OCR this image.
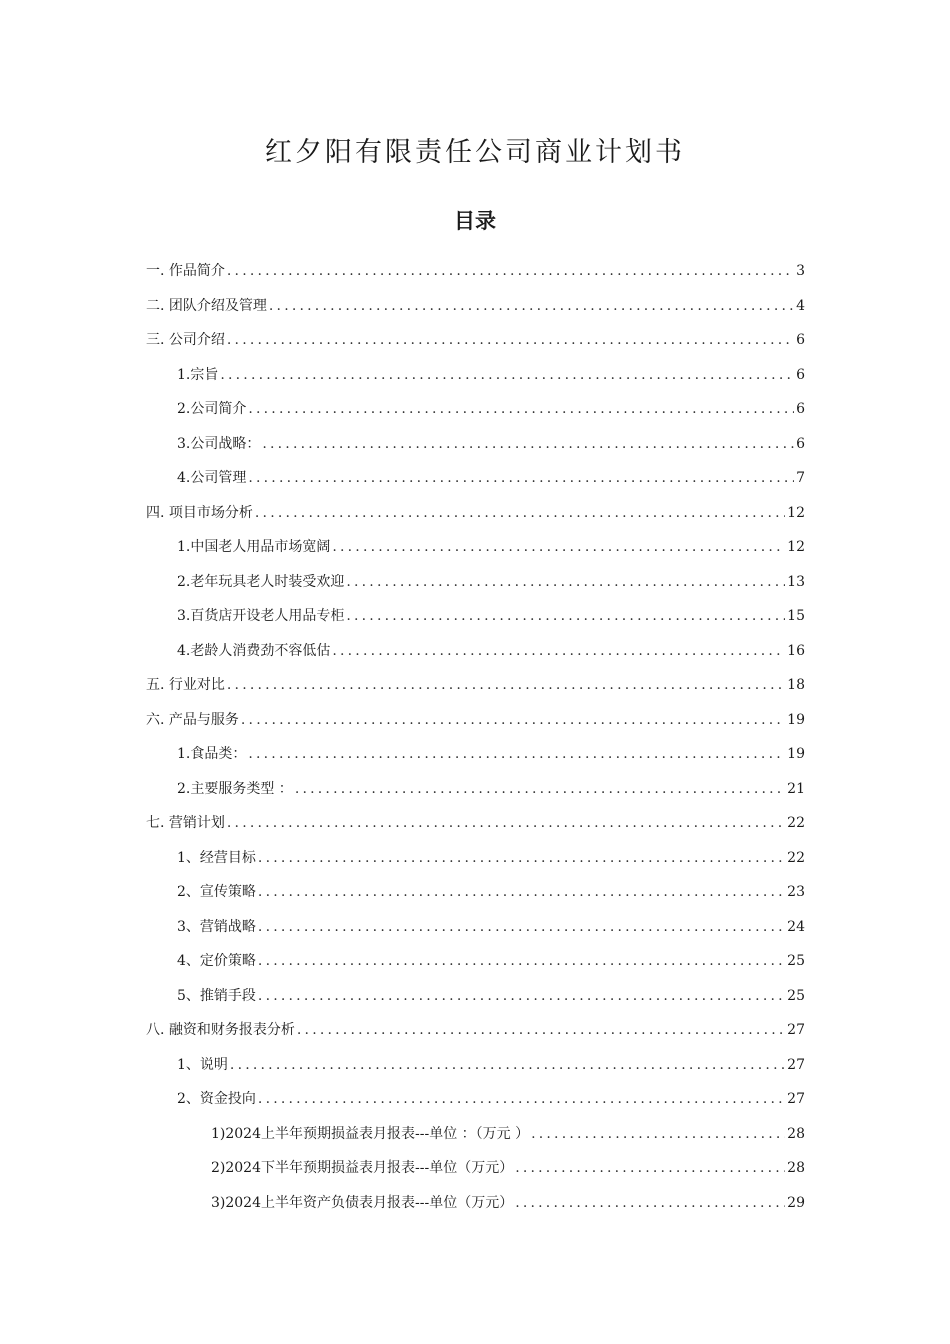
红夕阳有限责任公司商业计划书
目录
一. 作品简介 .....	3
二. 团队介绍及管理 .....	4
三. 公司介绍 .....	6
1.宗旨 .....	6
2.公司简介 .....	6
3.公司战略： .....	6
4.公司管理 .....	7
四. 项目市场分析 .....	12
1.中国老人用品市场宽阔 .....	12
2.老年玩具老人时装受欢迎 .....	13
3.百货店开设老人用品专柜 .....	15
4.老龄人消费劲不容低估 .....	16
五. 行业对比 .....	18
六. 产品与服务 .....	19
1.食品类： .....	19
2.主要服务类型 ： .....	21
七. 营销计划 .....	22
1、经营目标 .....	22
2、宣传策略 .....	23
3、营销战略 .....	24
4、定价策略 .....	25
5、推销手段 .....	25
八. 融资和财务报表分析 .....	27
1、说明 .....	27
2、资金投向 .....	27
1)2024上半年预期损益表月报表---单位 ：（万元 ） .....	28
2)2024下半年预期损益表月报表---单位（万元） .....	28
3)2024上半年资产负债表月报表---单位（万元） .....	29
